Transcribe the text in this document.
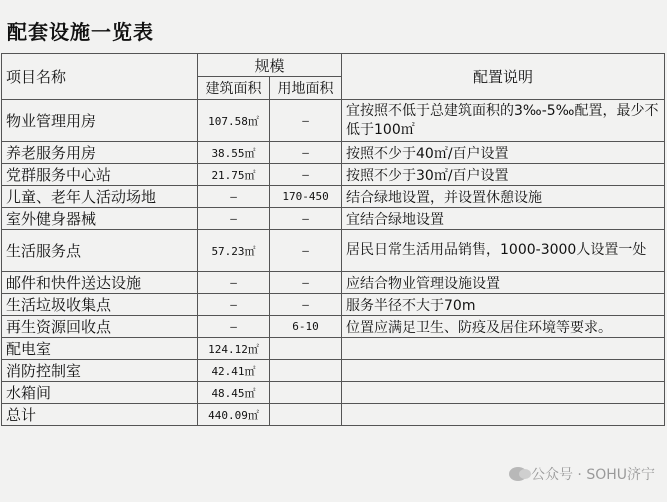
配套设施一览表
项目名称	规模		配置说明
	建筑面积	用地面积	
物业管理用房	107.58㎡	—	宜按照不低于总建筑面积的3‰-5‰配置，最少不低于100㎡
养老服务用房	38.55㎡	—	按照不少于40㎡/百户设置
党群服务中心站	21.75㎡	—	按照不少于30㎡/百户设置
儿童、老年人活动场地	—	170-450	结合绿地设置，并设置休憩设施
室外健身器械	—	—	宜结合绿地设置
生活服务点	57.23㎡	—	居民日常生活用品销售，1000-3000人设置一处
邮件和快件送达设施	—	—	应结合物业管理设施设置
生活垃圾收集点	—	—	服务半径不大于70m
再生资源回收点	—	6-10	位置应满足卫生、防疫及居住环境等要求。
配电室	124.12㎡		
消防控制室	42.41㎡		
水箱间	48.45㎡		
总计	440.09㎡		
公众号 · SOHU济宁
